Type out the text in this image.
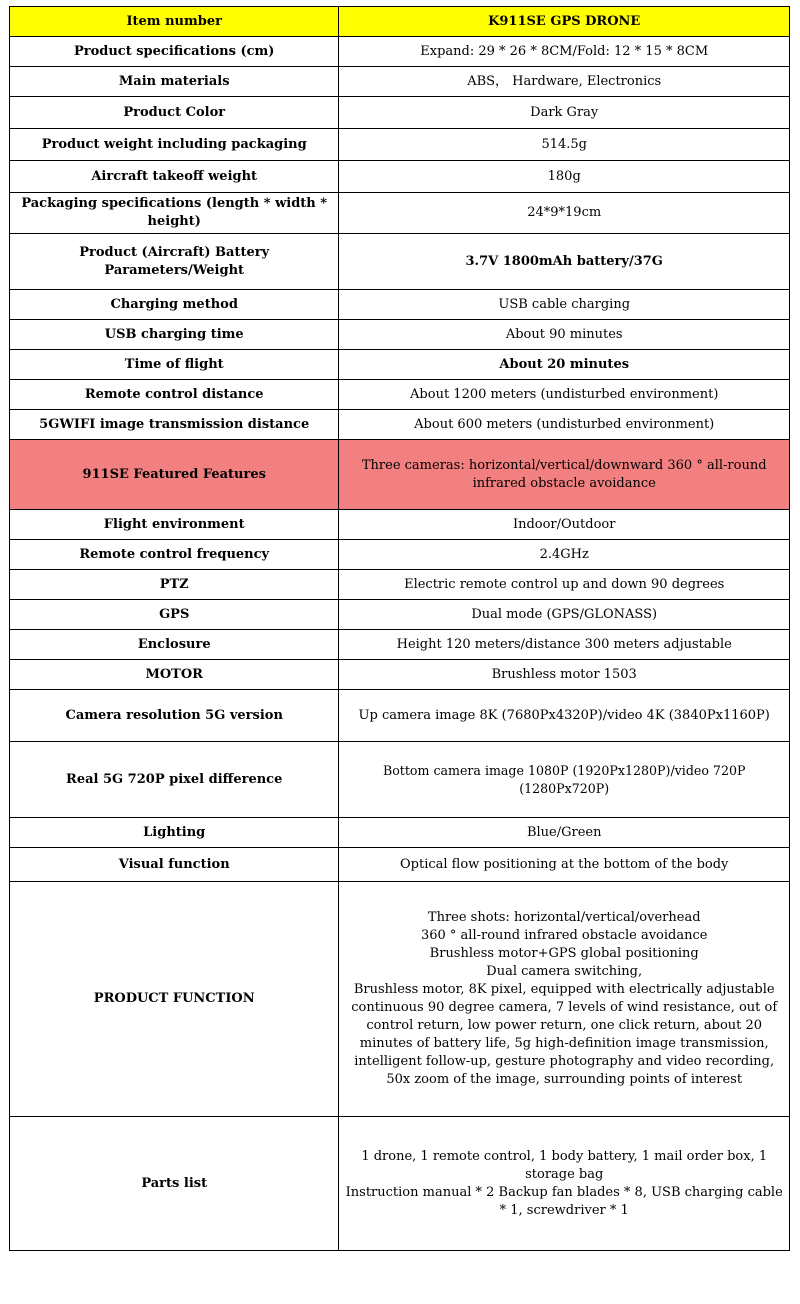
Item number	K911SE GPS DRONE
Product specifications (cm)	Expand: 29 * 26 * 8CM/Fold: 12 * 15 * 8CM
Main materials	ABS， Hardware, Electronics
Product Color	Dark Gray
Product weight including packaging	514.5g
Aircraft takeoff weight	180g
Packaging specifications (length * width * height)	24*9*19cm
Product (Aircraft) Battery Parameters/Weight	3.7V 1800mAh battery/37G
Charging method	USB cable charging
USB charging time	About 90 minutes
Time of flight	About 20 minutes
Remote control distance	About 1200 meters (undisturbed environment)
5GWIFI image transmission distance	About 600 meters (undisturbed environment)
911SE Featured Features	Three cameras: horizontal/vertical/downward 360 ° all-round infrared obstacle avoidance
Flight environment	Indoor/Outdoor
Remote control frequency	2.4GHz
PTZ	Electric remote control up and down 90 degrees
GPS	Dual mode (GPS/GLONASS)
Enclosure	Height 120 meters/distance 300 meters adjustable
MOTOR	Brushless motor 1503
Camera resolution 5G version	Up camera image 8K (7680Px4320P)/video 4K (3840Px1160P)
Real 5G 720P pixel difference	Bottom camera image 1080P (1920Px1280P)/video 720P (1280Px720P)
Lighting	Blue/Green
Visual function	Optical flow positioning at the bottom of the body
PRODUCT FUNCTION	Three shots: horizontal/vertical/overhead
360 ° all-round infrared obstacle avoidance
Brushless motor+GPS global positioning
Dual camera switching,
Brushless motor, 8K pixel, equipped with electrically adjustable continuous 90 degree camera, 7 levels of wind resistance, out of control return, low power return, one click return, about 20 minutes of battery life, 5g high-definition image transmission, intelligent follow-up, gesture photography and video recording, 50x zoom of the image, surrounding points of interest
Parts list	1 drone, 1 remote control, 1 body battery, 1 mail order box, 1 storage bag
Instruction manual * 2 Backup fan blades * 8, USB charging cable * 1, screwdriver * 1
